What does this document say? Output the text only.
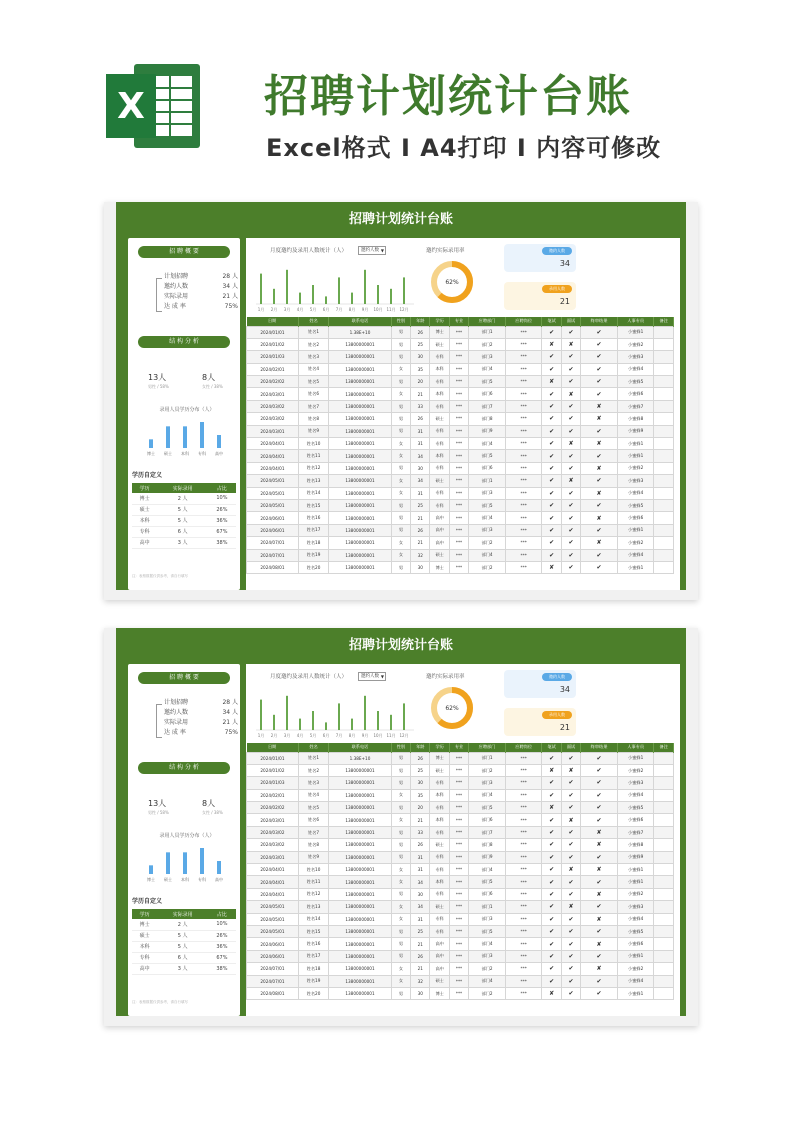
X	招聘计划统计台账
Excel格式 I A4打印 I 内容可修改
招聘计划统计台账
招 聘 概 要
计划招聘	28 人
邀约人数	34 人
实际录用	21 人
达 成 率	75%
结 构 分 析
13人
男性 / 58%
8人
女性 / 38%
录用人员学历分布（人）
博士 硕士 本科 专科 高中
学历自定义
学历	实际录用	占比
博士	2 人	10%
硕士	5 人	26%
本科	5 人	36%
专科	6 人	67%
高中	3 人	38%
注：表格数据仅供参考，请自行填写
月度邀约及录用人数统计（人）	邀约人数 ▼
1月 2月 3月 4月 5月 6月 7月 8月 9月 10月 11月 12月
邀约实际录用率
62%
邀约人数
34
录用人数
21
日期	姓名	联系电话	性别	年龄	学历	专业	应聘部门	应聘岗位	笔试	面试	终审结果	人事专员	备注
2024/01/01	姓名1	1.38E+10	男	26	博士	***	部门1	***	✔	✔	✔	小蜜蜂1	
2024/01/02	姓名2	13800000001	男	25	硕士	***	部门2	***	✘	✘	✔	小蜜蜂2	
2024/01/03	姓名3	13800000001	男	30	专科	***	部门3	***	✔	✔	✔	小蜜蜂3	
2024/02/01	姓名4	13800000001	女	35	本科	***	部门4	***	✔	✔	✔	小蜜蜂4	
2024/02/02	姓名5	13800000001	男	20	专科	***	部门5	***	✘	✔	✔	小蜜蜂5	
2024/03/01	姓名6	13800000001	女	21	本科	***	部门6	***	✔	✘	✔	小蜜蜂6	
2024/03/02	姓名7	13800000001	男	33	专科	***	部门7	***	✔	✔	✘	小蜜蜂7	
2024/03/02	姓名8	13800000001	男	26	硕士	***	部门8	***	✔	✔	✘	小蜜蜂8	
2024/03/01	姓名9	13800000001	男	31	专科	***	部门9	***	✔	✔	✔	小蜜蜂9	
2024/04/01	姓名10	13800000001	女	31	专科	***	部门4	***	✔	✘	✘	小蜜蜂1	
2024/04/01	姓名11	13800000001	女	34	本科	***	部门5	***	✔	✔	✔	小蜜蜂1	
2024/04/01	姓名12	13800000001	男	30	专科	***	部门6	***	✔	✔	✘	小蜜蜂2	
2024/05/01	姓名13	13800000001	女	34	硕士	***	部门1	***	✔	✘	✔	小蜜蜂3	
2024/05/01	姓名14	13800000001	女	31	专科	***	部门3	***	✔	✔	✘	小蜜蜂4	
2024/05/01	姓名15	13800000001	男	25	专科	***	部门5	***	✔	✔	✔	小蜜蜂5	
2024/06/01	姓名16	13800000001	男	21	高中	***	部门4	***	✔	✔	✘	小蜜蜂6	
2024/06/01	姓名17	13800000001	男	26	高中	***	部门3	***	✔	✔	✔	小蜜蜂1	
2024/07/01	姓名18	13800000001	女	21	高中	***	部门2	***	✔	✔	✘	小蜜蜂2	
2024/07/01	姓名19	13800000001	女	32	硕士	***	部门4	***	✔	✔	✔	小蜜蜂4	
2024/08/01	姓名20	13800000001	男	30	博士	***	部门2	***	✘	✔	✔	小蜜蜂1	
招聘计划统计台账
招 聘 概 要
计划招聘	28 人
邀约人数	34 人
实际录用	21 人
达 成 率	75%
结 构 分 析
13人
男性 / 58%
8人
女性 / 38%
录用人员学历分布（人）
博士 硕士 本科 专科 高中
学历自定义
学历	实际录用	占比
博士	2 人	10%
硕士	5 人	26%
本科	5 人	36%
专科	6 人	67%
高中	3 人	38%
注：表格数据仅供参考，请自行填写
月度邀约及录用人数统计（人）	邀约人数 ▼
1月 2月 3月 4月 5月 6月 7月 8月 9月 10月 11月 12月
邀约实际录用率
62%
邀约人数
34
录用人数
21
日期	姓名	联系电话	性别	年龄	学历	专业	应聘部门	应聘岗位	笔试	面试	终审结果	人事专员	备注
2024/01/01	姓名1	1.38E+10	男	26	博士	***	部门1	***	✔	✔	✔	小蜜蜂1	
2024/01/02	姓名2	13800000001	男	25	硕士	***	部门2	***	✘	✘	✔	小蜜蜂2	
2024/01/03	姓名3	13800000001	男	30	专科	***	部门3	***	✔	✔	✔	小蜜蜂3	
2024/02/01	姓名4	13800000001	女	35	本科	***	部门4	***	✔	✔	✔	小蜜蜂4	
2024/02/02	姓名5	13800000001	男	20	专科	***	部门5	***	✘	✔	✔	小蜜蜂5	
2024/03/01	姓名6	13800000001	女	21	本科	***	部门6	***	✔	✘	✔	小蜜蜂6	
2024/03/02	姓名7	13800000001	男	33	专科	***	部门7	***	✔	✔	✘	小蜜蜂7	
2024/03/02	姓名8	13800000001	男	26	硕士	***	部门8	***	✔	✔	✘	小蜜蜂8	
2024/03/01	姓名9	13800000001	男	31	专科	***	部门9	***	✔	✔	✔	小蜜蜂9	
2024/04/01	姓名10	13800000001	女	31	专科	***	部门4	***	✔	✘	✘	小蜜蜂1	
2024/04/01	姓名11	13800000001	女	34	本科	***	部门5	***	✔	✔	✔	小蜜蜂1	
2024/04/01	姓名12	13800000001	男	30	专科	***	部门6	***	✔	✔	✘	小蜜蜂2	
2024/05/01	姓名13	13800000001	女	34	硕士	***	部门1	***	✔	✘	✔	小蜜蜂3	
2024/05/01	姓名14	13800000001	女	31	专科	***	部门3	***	✔	✔	✘	小蜜蜂4	
2024/05/01	姓名15	13800000001	男	25	专科	***	部门5	***	✔	✔	✔	小蜜蜂5	
2024/06/01	姓名16	13800000001	男	21	高中	***	部门4	***	✔	✔	✘	小蜜蜂6	
2024/06/01	姓名17	13800000001	男	26	高中	***	部门3	***	✔	✔	✔	小蜜蜂1	
2024/07/01	姓名18	13800000001	女	21	高中	***	部门2	***	✔	✔	✘	小蜜蜂2	
2024/07/01	姓名19	13800000001	女	32	硕士	***	部门4	***	✔	✔	✔	小蜜蜂4	
2024/08/01	姓名20	13800000001	男	30	博士	***	部门2	***	✘	✔	✔	小蜜蜂1	
